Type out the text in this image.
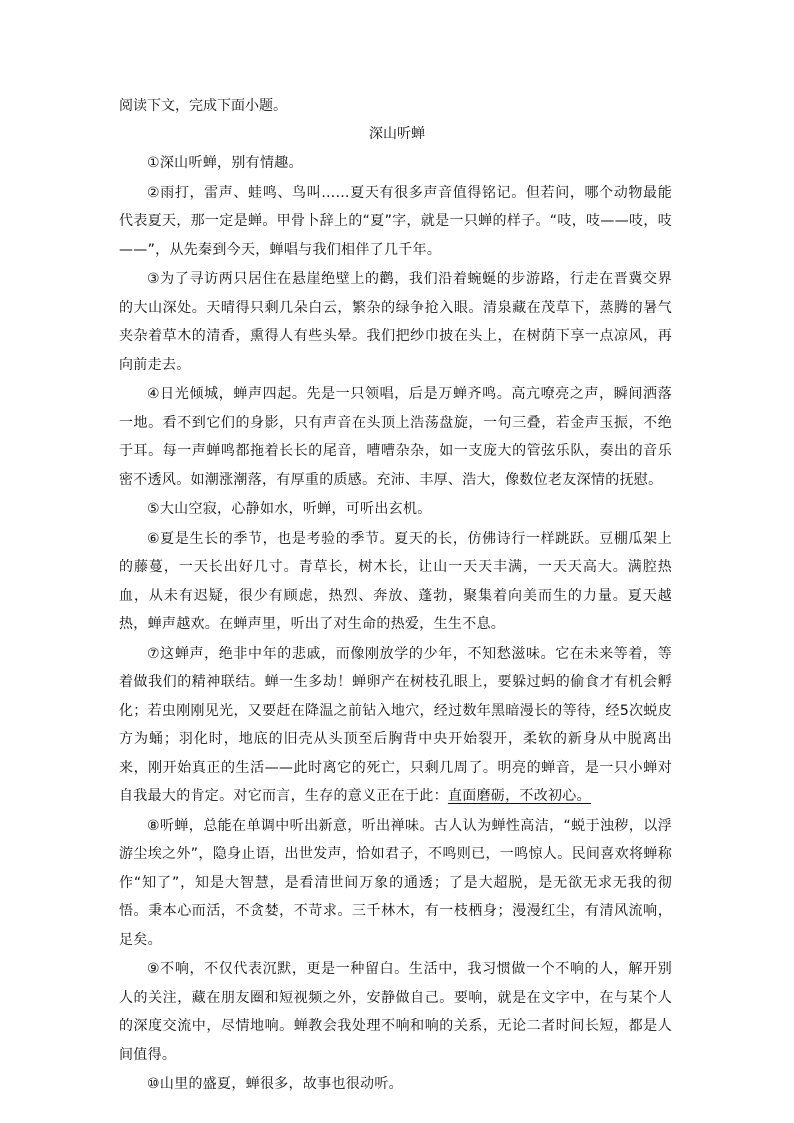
阅读下文，完成下面小题。
深山听蝉

①深山听蝉，别有情趣。

②雨打，雷声、蛙鸣、鸟叫……夏天有很多声音值得铭记。但若问，哪个动物最能代表夏天，那一定是蝉。甲骨卜辞上的“夏”字，就是一只蝉的样子。“吱，吱——吱，吱——”，从先秦到今天，蝉唱与我们相伴了几千年。

③为了寻访两只居住在悬崖绝壁上的鹳，我们沿着蜿蜒的步游路，行走在晋冀交界的大山深处。天晴得只剩几朵白云，繁杂的绿争抢入眼。清泉藏在茂草下，蒸腾的暑气夹杂着草木的清香，熏得人有些头晕。我们把纱巾披在头上，在树荫下享一点凉风，再向前走去。

④日光倾城，蝉声四起。先是一只领唱，后是万蝉齐鸣。高亢嘹亮之声，瞬间洒落一地。看不到它们的身影，只有声音在头顶上浩荡盘旋，一句三叠，若金声玉振，不绝于耳。每一声蝉鸣都拖着长长的尾音，嘈嘈杂杂，如一支庞大的管弦乐队，奏出的音乐密不透风。如潮涨潮落，有厚重的质感。充沛、丰厚、浩大，像数位老友深情的抚慰。

⑤大山空寂，心静如水，听蝉，可听出玄机。

⑥夏是生长的季节，也是考验的季节。夏天的长，仿佛诗行一样跳跃。豆棚瓜架上的藤蔓，一天长出好几寸。青草长，树木长，让山一天天丰满，一天天高大。满腔热血，从未有迟疑，很少有顾虑，热烈、奔放、蓬勃，聚集着向美而生的力量。夏天越热，蝉声越欢。在蝉声里，听出了对生命的热爱，生生不息。

⑦这蝉声，绝非中年的悲戚，而像刚放学的少年，不知愁滋味。它在未来等着，等着做我们的精神联结。蝉一生多劫！蝉卵产在树枝孔眼上，要躲过蚂的偷食才有机会孵化；若虫刚刚见光，又要赶在降温之前钻入地穴，经过数年黑暗漫长的等待，经5次蜕皮方为蛹；羽化时，地底的旧壳从头顶至后胸背中央开始裂开，柔软的新身从中脱离出来，刚开始真正的生活——此时离它的死亡，只剩几周了。明亮的蝉音，是一只小蝉对自我最大的肯定。对它而言，生存的意义正在于此：直面磨砺，不改初心。

⑧听蝉，总能在单调中听出新意，听出禅味。古人认为蝉性高洁，“蜕于浊秽，以浮游尘埃之外”，隐身止语，出世发声，恰如君子，不鸣则已，一鸣惊人。民间喜欢将蝉称作“知了”，知是大智慧，是看清世间万象的通透；了是大超脱，是无欲无求无我的彻悟。秉本心而活，不贪婪，不苛求。三千林木，有一枝栖身；漫漫红尘，有清风流响，足矣。

⑨不响，不仅代表沉默，更是一种留白。生活中，我习惯做一个不响的人，解开别人的关注，藏在朋友圈和短视频之外，安静做自己。要响，就是在文字中，在与某个人的深度交流中，尽情地响。蝉教会我处理不响和响的关系，无论二者时间长短，都是人间值得。

⑩山里的盛夏，蝉很多，故事也很动听。
